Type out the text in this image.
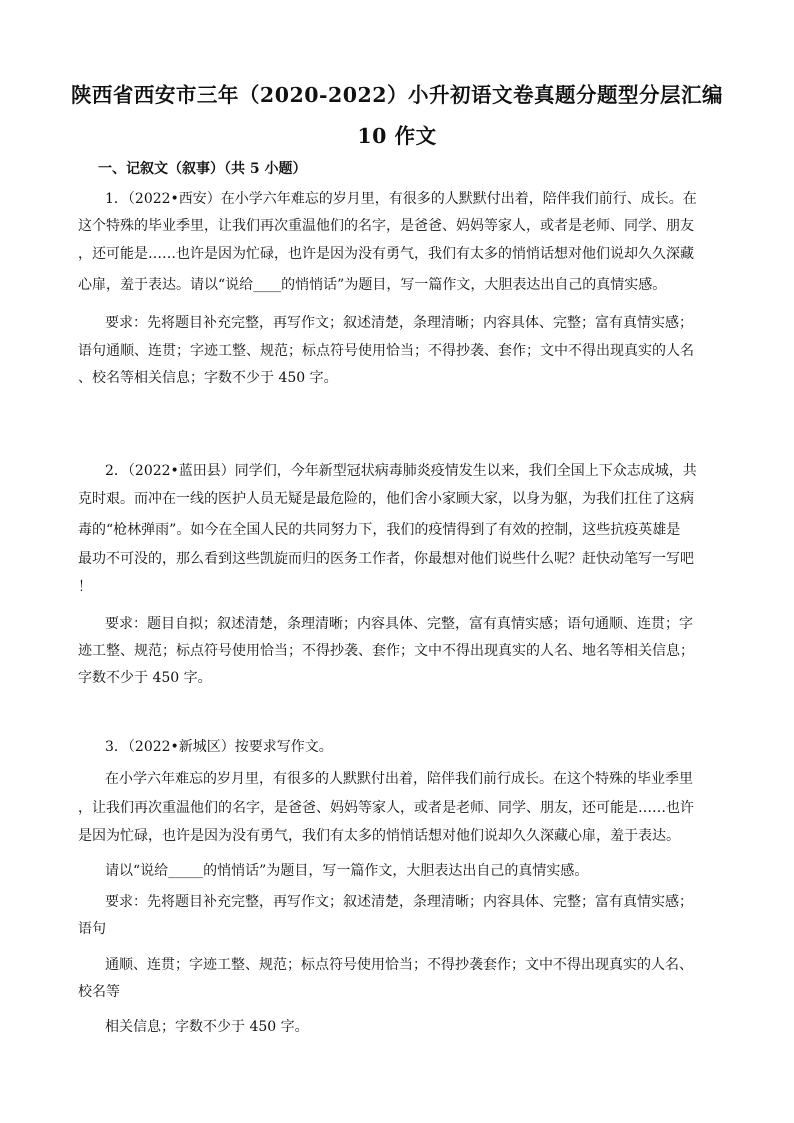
陕西省西安市三年（2020-2022）小升初语文卷真题分题型分层汇编
10 作文
一、记叙文（叙事）（共 5 小题）
1．（2022•西安）在小学六年难忘的岁月里，有很多的人默默付出着，陪伴我们前行、成长。在
这个特殊的毕业季里，让我们再次重温他们的名字，是爸爸、妈妈等家人，或者是老师、同学、朋友
，还可能是……也许是因为忙碌，也许是因为没有勇气，我们有太多的悄悄话想对他们说却久久深藏
心扉，羞于表达。请以“说给____的悄悄话”为题目，写一篇作文，大胆表达出自己的真情实感。
要求：先将题目补充完整，再写作文；叙述清楚，条理清晰；内容具体、完整；富有真情实感；
语句通顺、连贯；字迹工整、规范；标点符号使用恰当；不得抄袭、套作；文中不得出现真实的人名
、校名等相关信息；字数不少于 450 字。
2．（2022•蓝田县）同学们，今年新型冠状病毒肺炎疫情发生以来，我们全国上下众志成城，共
克时艰。而冲在一线的医护人员无疑是最危险的，他们舍小家顾大家，以身为躯，为我们扛住了这病
毒的“枪林弹雨”。如今在全国人民的共同努力下，我们的疫情得到了有效的控制，这些抗疫英雄是
最功不可没的，那么看到这些凯旋而归的医务工作者，你最想对他们说些什么呢？赶快动笔写一写吧
！
要求：题目自拟；叙述清楚，条理清晰；内容具体、完整，富有真情实感；语句通顺、连贯；字
迹工整、规范；标点符号使用恰当；不得抄袭、套作；文中不得出现真实的人名、地名等相关信息；
字数不少于 450 字。
3．（2022•新城区）按要求写作文。
在小学六年难忘的岁月里，有很多的人默默付出着，陪伴我们前行成长。在这个特殊的毕业季里
，让我们再次重温他们的名字，是爸爸、妈妈等家人，或者是老师、同学、朋友，还可能是……也许
是因为忙碌，也许是因为没有勇气，我们有太多的悄悄话想对他们说却久久深藏心扉，羞于表达。
请以“说给_____的悄悄话”为题目，写一篇作文，大胆表达出自己的真情实感。
要求：先将题目补充完整，再写作文；叙述清楚，条理清晰；内容具体、完整；富有真情实感；
语句
通顺、连贯；字迹工整、规范；标点符号使用恰当；不得抄袭套作；文中不得出现真实的人名、
校名等
相关信息；字数不少于 450 字。
